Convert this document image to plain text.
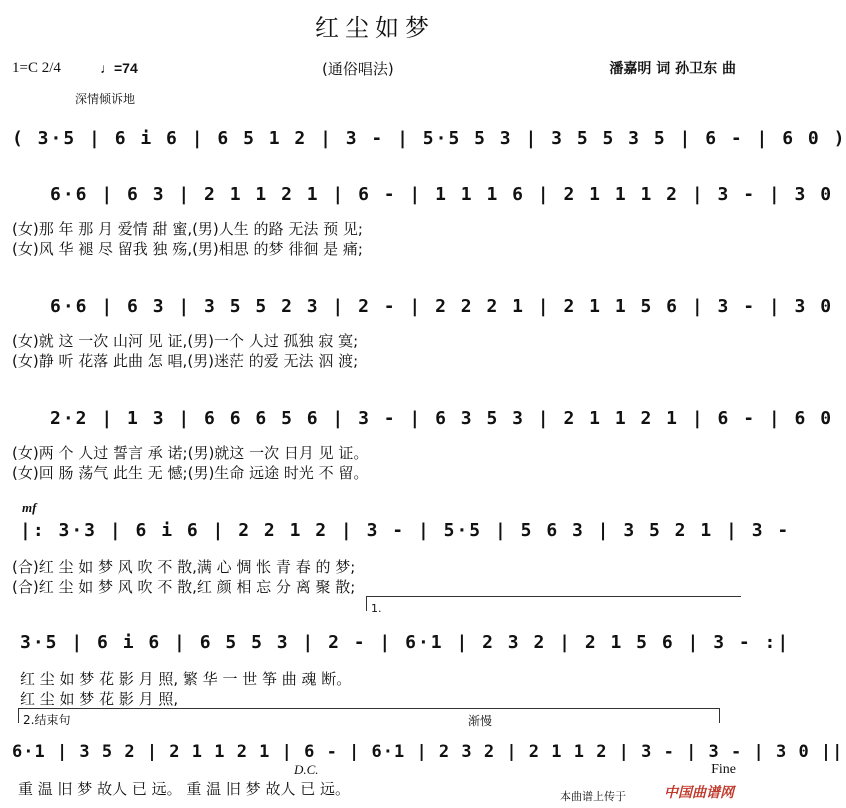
红尘如梦
1=C 2/4	♩=74	(通俗唱法)	潘嘉明 词 孙卫东 曲
深情倾诉地
( 3·5 | 6 i 6 | 6 5 1 2 | 3 - | 5·5 5 3 | 3 5 5 3 5 | 6 - | 6 0 )
6·6 | 6 3 | 2 1 1 2 1 | 6 - | 1 1 1 6 | 2 1 1 1 2 | 3 - | 3 0
(女)那 年 那 月 爱情 甜 蜜,(男)人生 的路 无法 预 见;
(女)风 华 褪 尽 留我 独 殇,(男)相思 的梦 徘徊 是 痛;
6·6 | 6 3 | 3 5 5 2 3 | 2 - | 2 2 2 1 | 2 1 1 5 6 | 3 - | 3 0
(女)就 这 一次 山河 见 证,(男)一个 人过 孤独 寂 寞;
(女)静 听 花落 此曲 怎 唱,(男)迷茫 的爱 无法 泅 渡;
2·2 | 1 3 | 6 6 6 5 6 | 3 - | 6 3 5 3 | 2 1 1 2 1 | 6 - | 6 0
(女)两 个 人过 誓言 承 诺;(男)就这 一次 日月 见 证。
(女)回 肠 荡气 此生 无 憾;(男)生命 远途 时光 不 留。
mf
|: 3·3 | 6 i 6 | 2 2 1 2 | 3 - | 5·5 | 5 6 3 | 3 5 2 1 | 3 -
(合)红 尘 如 梦 风 吹 不 散,满 心 惆 怅 青 春 的 梦;
(合)红 尘 如 梦 风 吹 不 散,红 颜 相 忘 分 离 聚 散;
1.
3·5 | 6 i 6 | 6 5 5 3 | 2 - | 6·1 | 2 3 2 | 2 1 5 6 | 3 - :|
红 尘 如 梦 花 影 月 照, 繁 华 一 世 筝 曲 魂 断。
红 尘 如 梦 花 影 月 照,
2.结束句	渐慢
6·1 | 3 5 2 | 2 1 1 2 1 | 6 - | 6·1 | 2 3 2 | 2 1 1 2 | 3 - | 3 - | 3 0 ||
D.C.	Fine
重 温 旧 梦 故人 已 远。 重 温 旧 梦 故人 已 远。	本曲谱上传于	中国曲谱网
